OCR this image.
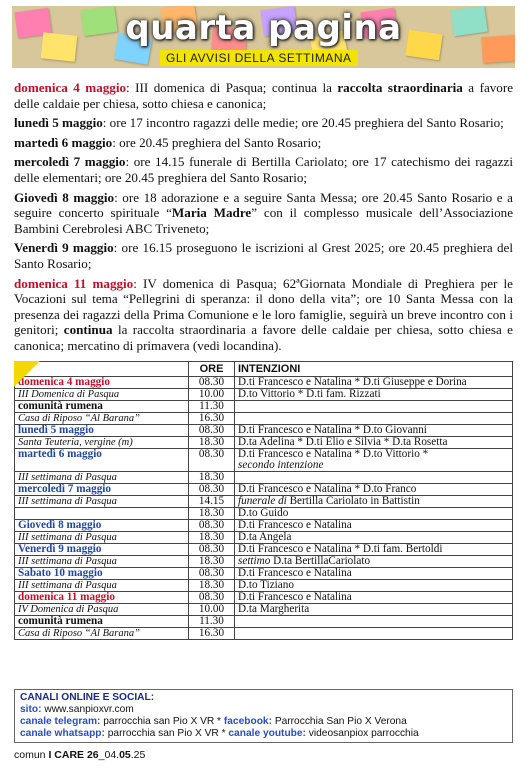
quarta pagina
GLI AVVISI DELLA SETTIMANA

domenica 4 maggio: III domenica di Pasqua; continua la raccolta straordinaria a favore delle caldaie per chiesa, sotto chiesa e canonica;

lunedì 5 maggio: ore 17 incontro ragazzi delle medie; ore 20.45 preghiera del Santo Rosario;

martedì 6 maggio: ore 20.45 preghiera del Santo Rosario;

mercoledì 7 maggio: ore 14.15 funerale di Bertilla Cariolato; ore 17 catechismo dei ragazzi delle elementari; ore 20.45 preghiera del Santo Rosario;

Giovedì 8 maggio: ore 18 adorazione e a seguire Santa Messa; ore 20.45 Santo Rosario e a seguire concerto spirituale “Maria Madre” con il complesso musicale dell’Associazione Bambini Cerebrolesi ABC Triveneto;

Venerdì 9 maggio: ore 16.15 proseguono le iscrizioni al Grest 2025; ore 20.45 preghiera del Santo Rosario;

domenica 11 maggio: IV domenica di Pasqua; 62ªGiornata Mondiale di Preghiera per le Vocazioni sul tema “Pellegrini di speranza: il dono della vita”; ore 10 Santa Messa con la presenza dei ragazzi della Prima Comunione e le loro famiglie, seguirà un breve incontro con i genitori; continua la raccolta straordinaria a favore delle caldaie per chiesa, sotto chiesa e canonica; mercatino di primavera (vedi locandina).

	ORE	INTENZIONI
domenica 4 maggio	08.30	D.ti Francesco e Natalina * D.ti Giuseppe e Dorina
III Domenica di Pasqua	10.00	D.to Vittorio * D.ti fam. Rizzati
comunità rumena	11.30	
Casa di Riposo “Al Barana”	16.30	
lunedì 5 maggio	08.30	D.ti Francesco e Natalina * D.to Giovanni
Santa Teuteria, vergine (m)	18.30	D.ta Adelina * D.ti Elio e Silvia * D.ta Rosetta
martedì 6 maggio	08.30	D.ti Francesco e Natalina * D.to Vittorio *
secondo intenzione
III settimana di Pasqua	18.30	
mercoledì 7 maggio	08.30	D.ti Francesco e Natalina * D.to Franco
III settimana di Pasqua	14.15	funerale di Bertilla Cariolato in Battistin
	18.30	D.to Guido
Giovedì 8 maggio	08.30	D.ti Francesco e Natalina
III settimana di Pasqua	18.30	D.ta Angela
Venerdì 9 maggio	08.30	D.ti Francesco e Natalina * D.ti fam. Bertoldi
III settimana di Pasqua	18.30	settimo D.ta BertillaCariolato
Sabato 10 maggio	08.30	D.ti Francesco e Natalina
III settimana di Pasqua	18.30	D.to Tiziano
domenica 11 maggio	08.30	D.ti Francesco e Natalina
IV Domenica di Pasqua	10.00	D.ta Margherita
comunità rumena	11.30	
Casa di Riposo “Al Barana”	16.30	
CANALI ONLINE E SOCIAL:
sito: www.sanpioxvr.com
canale telegram: parrocchia san Pio X VR * facebook: Parrocchia San Pio X Verona
canale whatsapp: parrocchia san Pio X VR * canale youtube: videosanpiox parrocchia
comun I CARE 26_04.05.25
